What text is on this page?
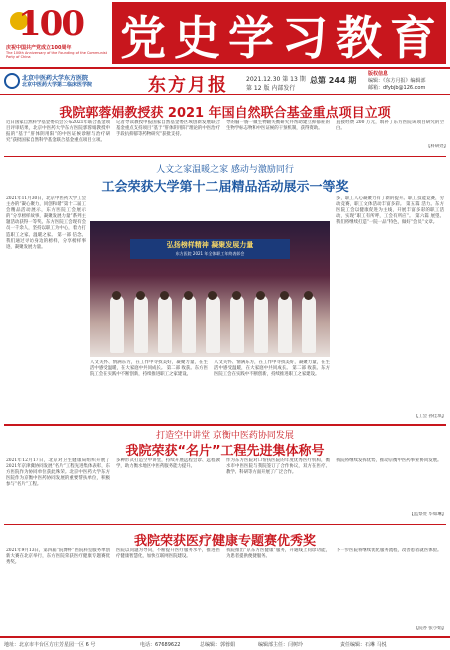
100
庆祝中国共产党成立100周年
The 100th Anniversary of the Founding of the Communist Party of China	党史学习教育
北京中医药大学东方医院
北京中医药大学第二临床医学院	东方月报	2021.12.30 第 13 期
第 12 版 内部发行
总第 244 期
版权信息
编辑：《东方月报》编辑部
邮箱：dfybjb@126.com
我院郭蓉娟教授获 2021 年国自然联合基金重点项目立项
近日国家自然科学基金委员会公布2021年联合基金项目评审结果，北京中医药大学东方医院郭蓉娟教授申报的“基于“肝体阴用阳”的中医证候诊断与治疗研究”获批国家自然科学基金联合基金重点项目立项。
记者导读教授申报国家自然基金委区域创新发展联合基金重点支持项目“基于“肝体阴用阳”理论的中医治疗手段抗抑郁等药物研究”获批支持。
导的脑一肠一微生物轴失衡研究并帮助建立抑郁症的生物学标志物和中医证候的干预机制，获得资助。
直接经费 200 万元，填补了东方医院该项目研究的空白。
【科研处】
人文之家温暖之家 感动与激励同行
工会荣获大学第十二届精品活动展示一等奖
2021年11月30日，北京中医药大学工会主办的“凝心聚力，同创和谐”第十二届工会精品活动展示，东方医院工会展示的“分享榜样故事，凝聚发展力量”系列主题活动获得一等奖。东方医院工会现有会员一千余人，坚持以职工为中心，着力打造职工之家、温暖之家。 第一部 信念。我们通过寻访身边的榜样，分享榜样事迹，凝聚发展力量。	弘扬榜样精神 凝聚发展力量
东方医院 2021 年全体职工年终表彰会
人文关怀、情满东方，在工作中寻找美好，凝聚力量，在生活中感受温暖，在大家庭中共同成长。 第二部 收获。东方医院工会在实践中不断创新，持续推进职工之家建设。
人文关怀、情满东方，在工作中寻找美好，凝聚力量，在生活中感受温暖，在大家庭中共同成长。 第二部 收获。东方医院工会在实践中不断创新，持续推进职工之家建设。
多，职工人心凝聚力有了新的提升。职工技能竞赛，劳动竞赛，职工文体活动丰富多彩。 第五篇 活力。东方医院工会以健康促进为主线，开展丰富多彩的职工活动，实现“职工有所呼，工会有所应”。 第六篇 展望。我们将继续打造“一院一品”特色，做好“会员”文章。
【工会 孙佳琪】
打造空中讲堂 京衡中医药协同发展
我院荣获“名片”工程先进集体称号
2021年12月17日，北京对卫生健康局组织开展了2021年京津冀协同发展“名片”工程先进集体表彰，东方医院作为协同单位获此殊荣。北京中医药大学东方医院作为京衡中医药协同发展的重要帮扶单位，积极参与“名片”工程。
多种形式打造空中讲堂，持续开展远程会诊、远程教学，助力衡水地区中医药服务能力提升。
作为东方医院对口帮扶医院的年度优秀医疗机构，衡水市中医医院与我院签订了合作协议，双方在医疗、教学、科研等方面开展了广泛合作。
我院将继续发挥优势，推动京衡中医药事业协同发展。
【监察处 毕如琳】
我院荣获医疗健康专题赛优秀奖
2021年9月13日，第四届“院博杯”医院科室服务单创新大赛在北京举行，东方医院荣获医疗健康专题赛优秀奖。
医院以问题为导向，不断提升医疗服务水平，推进医疗健康智慧化，加快互联网医院建设。
我院推出“京东方医健康”服务，开通线上问诊功能，为患者提供便捷服务。
下一步医院将继续优化服务流程，改善患者就医体验。
【院办 张小娟】
地址：北京市丰台区方庄芳星园一区 6 号	电话：67689622	总编辑：郭蓉娟	编辑部主任：闫树玲	责任编辑：石琳 马悦
